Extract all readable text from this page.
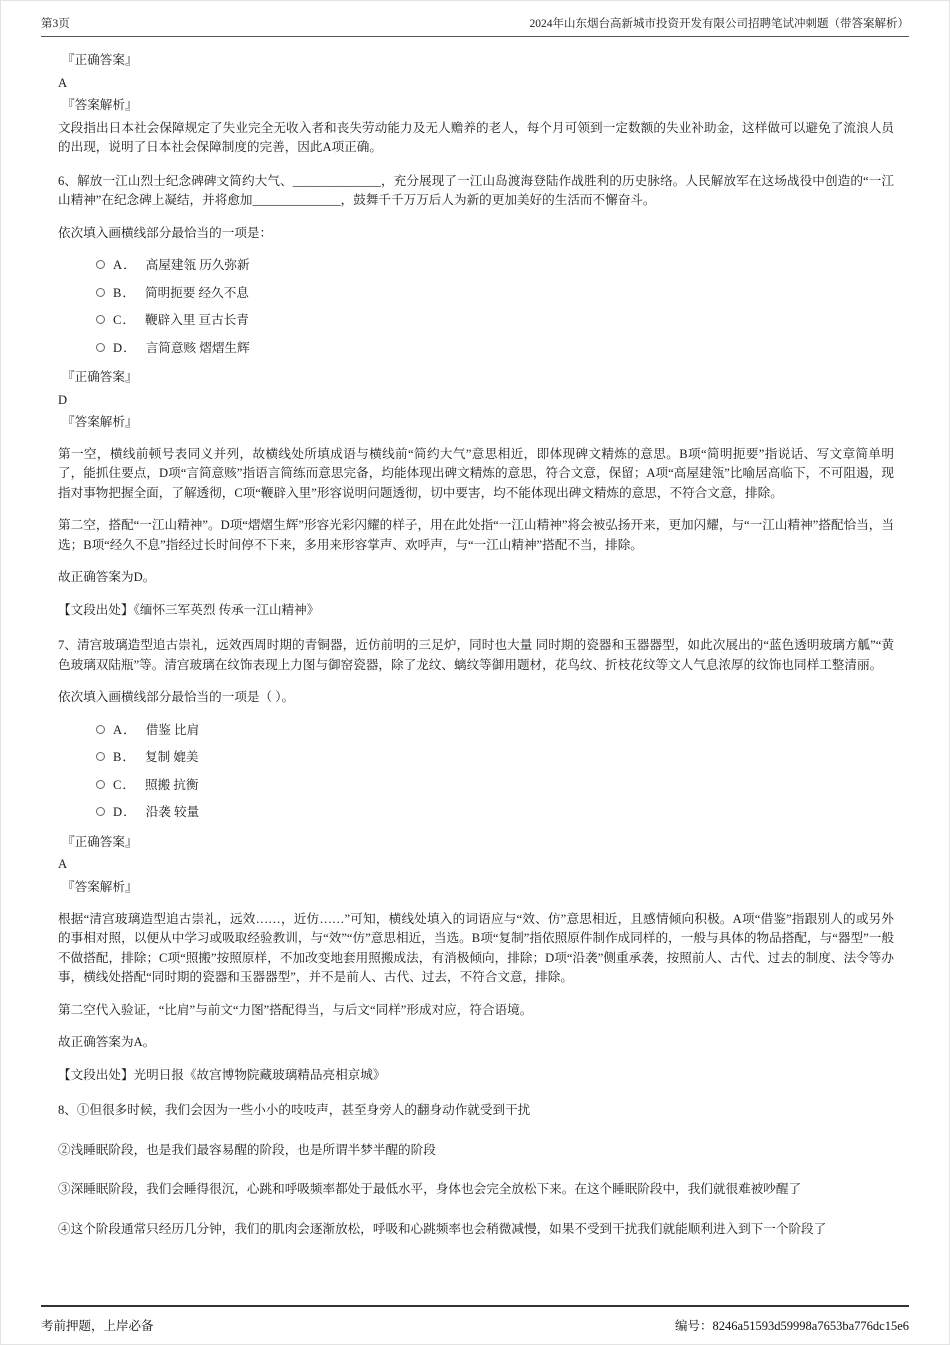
第3页	2024年山东烟台高新城市投资开发有限公司招聘笔试冲刺题（带答案解析）
『正确答案』
A
『答案解析』
文段指出日本社会保障规定了失业完全无收入者和丧失劳动能力及无人赡养的老人，每个月可领到一定数额的失业补助金，这样做可以避免了流浪人员的出现，说明了日本社会保障制度的完善，因此A项正确。
6、解放一江山烈士纪念碑碑文简约大气、______________，充分展现了一江山岛渡海登陆作战胜利的历史脉络。人民解放军在这场战役中创造的“一江山精神”在纪念碑上凝结，并将愈加______________，鼓舞千千万万后人为新的更加美好的生活而不懈奋斗。
依次填入画横线部分最恰当的一项是：
A． 高屋建瓴 历久弥新
B． 简明扼要 经久不息
C． 鞭辟入里 亘古长青
D． 言简意赅 熠熠生辉
『正确答案』
D
『答案解析』
第一空，横线前顿号表同义并列，故横线处所填成语与横线前“简约大气”意思相近，即体现碑文精炼的意思。B项“简明扼要”指说话、写文章简单明了，能抓住要点，D项“言简意赅”指语言简练而意思完备，均能体现出碑文精炼的意思，符合文意，保留；A项“高屋建瓴”比喻居高临下，不可阻遏，现指对事物把握全面，了解透彻，C项“鞭辟入里”形容说明问题透彻，切中要害，均不能体现出碑文精炼的意思，不符合文意，排除。
第二空，搭配“一江山精神”。D项“熠熠生辉”形容光彩闪耀的样子，用在此处指“一江山精神”将会被弘扬开来，更加闪耀，与“一江山精神”搭配恰当，当选；B项“经久不息”指经过长时间停不下来，多用来形容掌声、欢呼声，与“一江山精神”搭配不当，排除。
故正确答案为D。
【文段出处】《缅怀三军英烈 传承一江山精神》
7、清宫玻璃造型追古崇礼，远效西周时期的青铜器，近仿前明的三足炉，同时也大量 同时期的瓷器和玉器器型，如此次展出的“蓝色透明玻璃方觚”“黄色玻璃双陆瓶”等。清宫玻璃在纹饰表现上力图与御窑瓷器，除了龙纹、螭纹等御用题材，花鸟纹、折枝花纹等文人气息浓厚的纹饰也同样工整清丽。
依次填入画横线部分最恰当的一项是（ ）。
A． 借鉴 比肩
B． 复制 媲美
C． 照搬 抗衡
D． 沿袭 较量
『正确答案』
A
『答案解析』
根据“清宫玻璃造型追古崇礼，远效……，近仿……”可知，横线处填入的词语应与“效、仿”意思相近，且感情倾向积极。A项“借鉴”指跟别人的或另外的事相对照，以便从中学习或吸取经验教训，与“效”“仿”意思相近，当选。B项“复制”指依照原件制作成同样的，一般与具体的物品搭配，与“器型”一般不做搭配，排除；C项“照搬”按照原样，不加改变地套用照搬成法，有消极倾向，排除；D项“沿袭”侧重承袭，按照前人、古代、过去的制度、法令等办事，横线处搭配“同时期的瓷器和玉器器型”，并不是前人、古代、过去，不符合文意，排除。
第二空代入验证，“比肩”与前文“力图”搭配得当，与后文“同样”形成对应，符合语境。
故正确答案为A。
【文段出处】光明日报《故宫博物院藏玻璃精品亮相京城》
8、①但很多时候，我们会因为一些小小的吱吱声，甚至身旁人的翻身动作就受到干扰
②浅睡眠阶段，也是我们最容易醒的阶段，也是所谓半梦半醒的阶段
③深睡眠阶段，我们会睡得很沉，心跳和呼吸频率都处于最低水平，身体也会完全放松下来。在这个睡眠阶段中，我们就很难被吵醒了
④这个阶段通常只经历几分钟，我们的肌肉会逐渐放松，呼吸和心跳频率也会稍微减慢，如果不受到干扰我们就能顺利进入到下一个阶段了
考前押题，上岸必备	编号：8246a51593d59998a7653ba776dc15e6
